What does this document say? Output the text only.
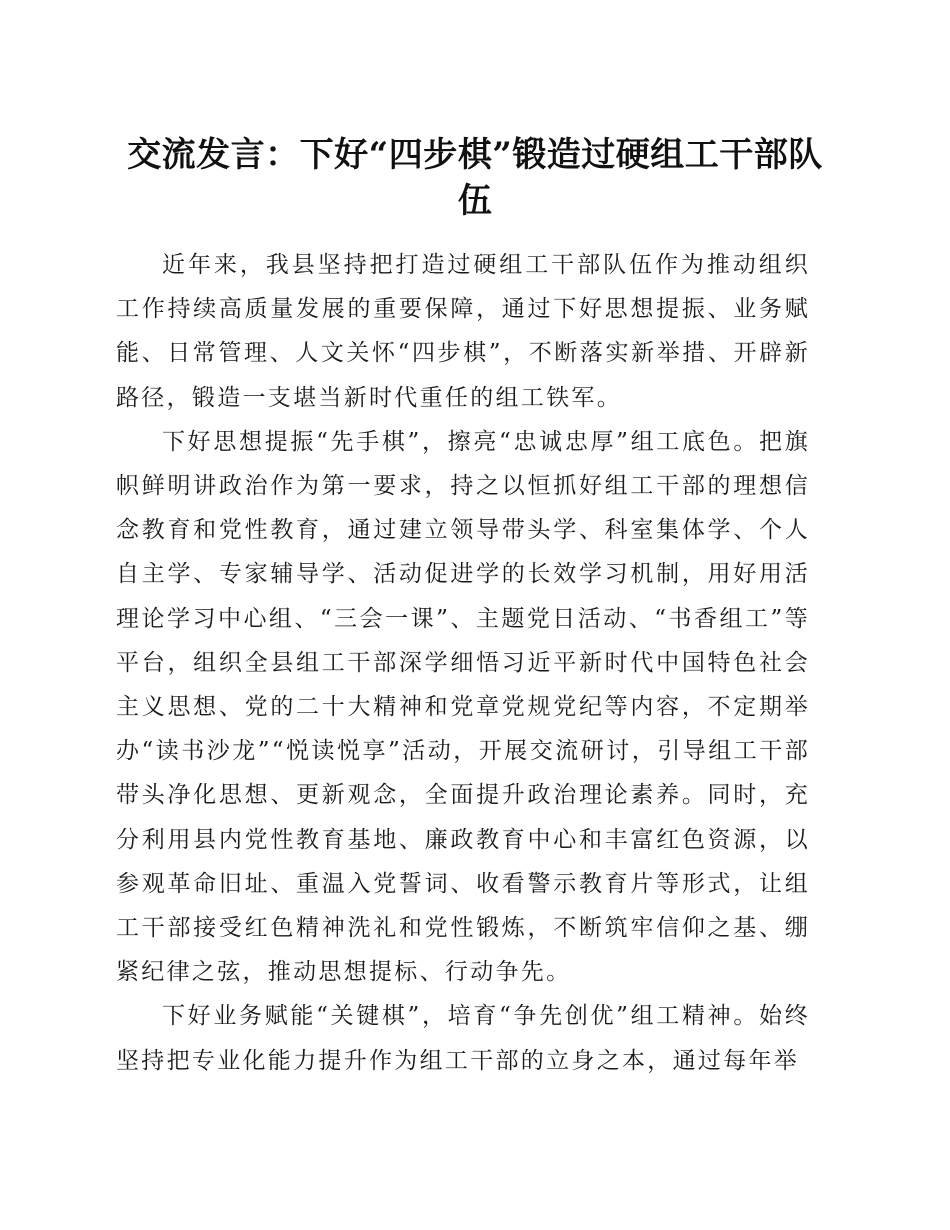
交流发言：下好“四步棋”锻造过硬组工干部队伍

近年来，我县坚持把打造过硬组工干部队伍作为推动组织工作持续高质量发展的重要保障，通过下好思想提振、业务赋能、日常管理、人文关怀“四步棋”，不断落实新举措、开辟新路径，锻造一支堪当新时代重任的组工铁军。

下好思想提振“先手棋”，擦亮“忠诚忠厚”组工底色。把旗帜鲜明讲政治作为第一要求，持之以恒抓好组工干部的理想信念教育和党性教育，通过建立领导带头学、科室集体学、个人自主学、专家辅导学、活动促进学的长效学习机制，用好用活理论学习中心组、“三会一课”、主题党日活动、“书香组工”等平台，组织全县组工干部深学细悟习近平新时代中国特色社会主义思想、党的二十大精神和党章党规党纪等内容，不定期举办“读书沙龙”“悦读悦享”活动，开展交流研讨，引导组工干部带头净化思想、更新观念，全面提升政治理论素养。同时，充分利用县内党性教育基地、廉政教育中心和丰富红色资源，以参观革命旧址、重温入党誓词、收看警示教育片等形式，让组工干部接受红色精神洗礼和党性锻炼，不断筑牢信仰之基、绷紧纪律之弦，推动思想提标、行动争先。

下好业务赋能“关键棋”，培育“争先创优”组工精神。始终坚持把专业化能力提升作为组工干部的立身之本，通过每年举
